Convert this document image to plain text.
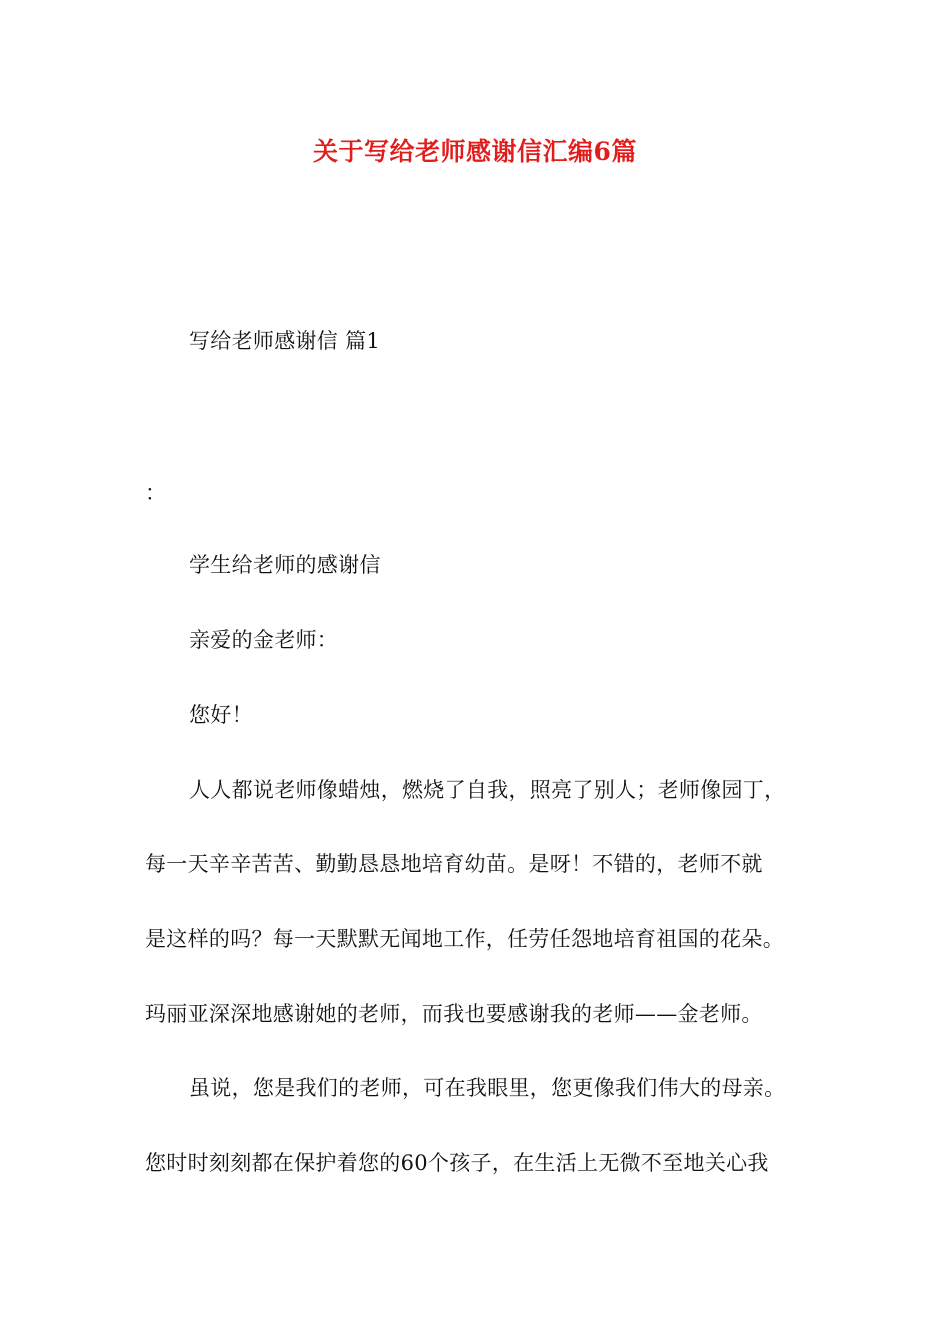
关于写给老师感谢信汇编6篇
写给老师感谢信 篇1
：
学生给老师的感谢信
亲爱的金老师：
您好！
人人都说老师像蜡烛，燃烧了自我，照亮了别人；老师像园丁，
每一天辛辛苦苦、勤勤恳恳地培育幼苗。是呀！不错的，老师不就
是这样的吗？每一天默默无闻地工作，任劳任怨地培育祖国的花朵。
玛丽亚深深地感谢她的老师，而我也要感谢我的老师——金老师。
虽说，您是我们的老师，可在我眼里，您更像我们伟大的母亲。
您时时刻刻都在保护着您的60个孩子，在生活上无微不至地关心我
